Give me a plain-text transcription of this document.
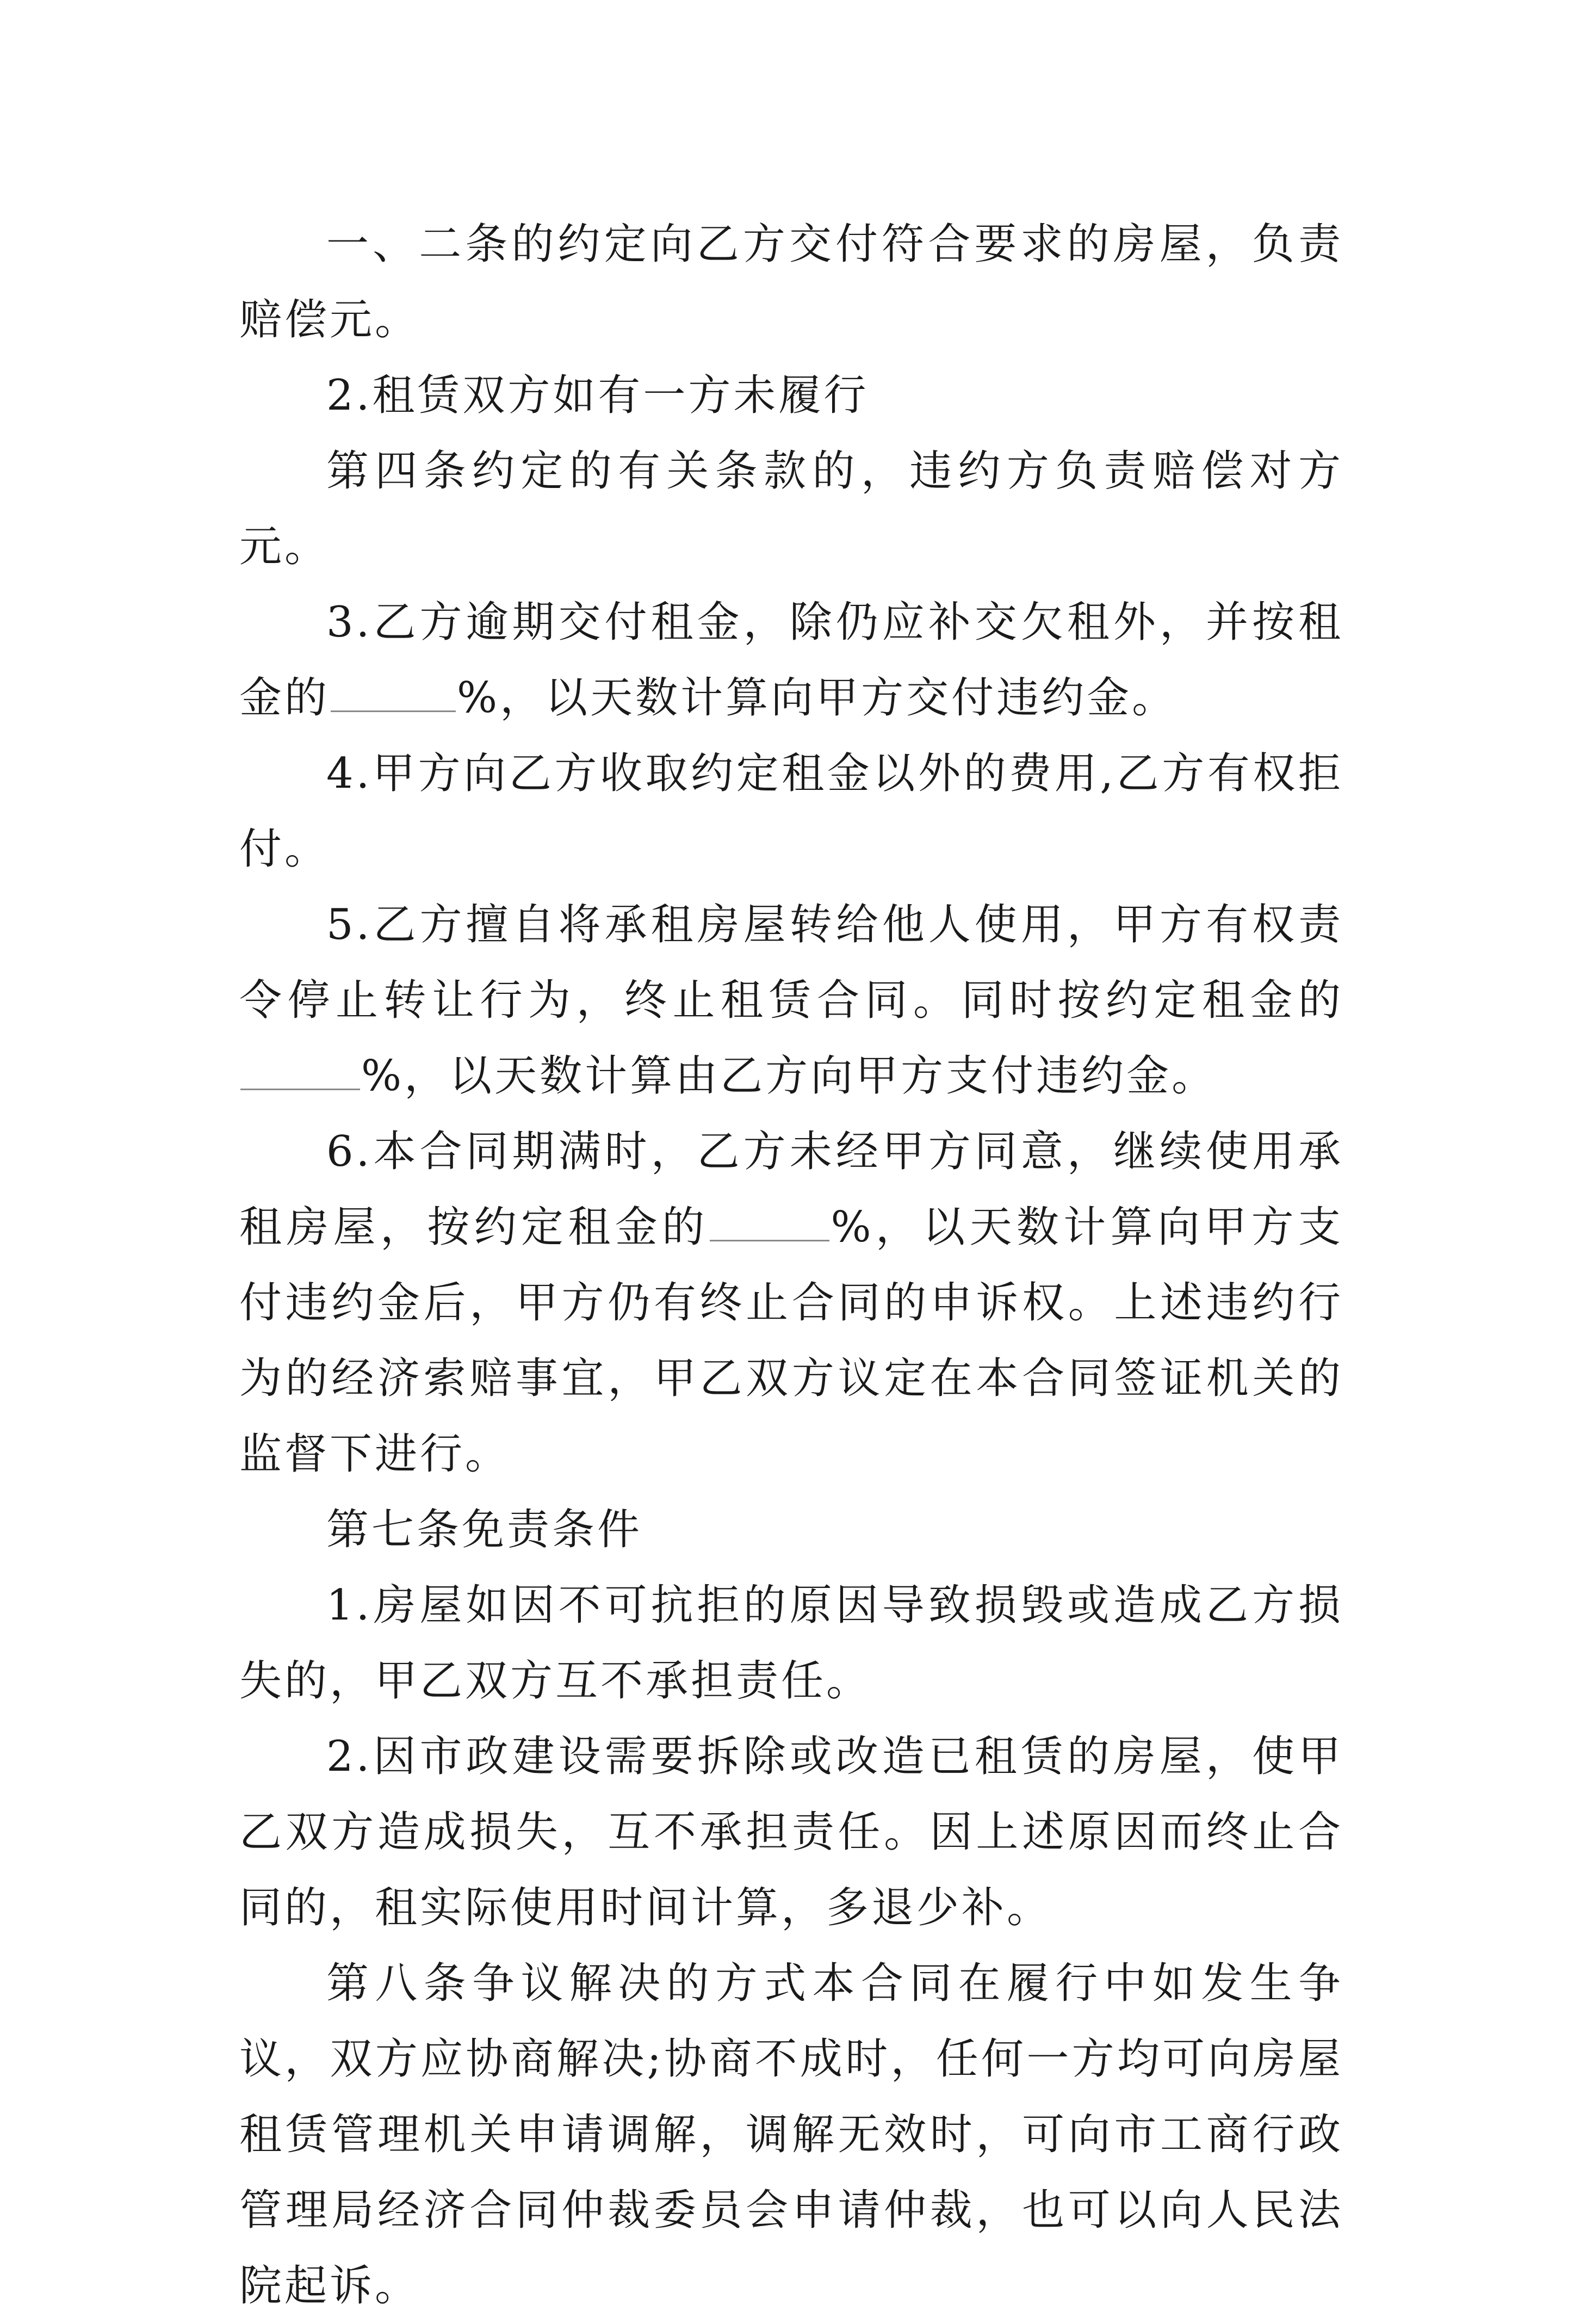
一、二条的约定向乙方交付符合要求的房屋，负责赔偿元。

2.租赁双方如有一方未履行

第四条约定的有关条款的，违约方负责赔偿对方元。

3.乙方逾期交付租金，除仍应补交欠租外，并按租金的	%，以天数计算向甲方交付违约金。

4.甲方向乙方收取约定租金以外的费用,乙方有权拒付。

5.乙方擅自将承租房屋转给他人使用，甲方有权责令停止转让行为，终止租赁合同。同时按约定租金的%，以天数计算由乙方向甲方支付违约金。

6.本合同期满时，乙方未经甲方同意，继续使用承租房屋，按约定租金的	%，以天数计算向甲方支付违约金后，甲方仍有终止合同的申诉权。上述违约行为的经济索赔事宜，甲乙双方议定在本合同签证机关的监督下进行。

第七条免责条件

1.房屋如因不可抗拒的原因导致损毁或造成乙方损失的，甲乙双方互不承担责任。

2.因市政建设需要拆除或改造已租赁的房屋，使甲乙双方造成损失，互不承担责任。因上述原因而终止合同的，租实际使用时间计算，多退少补。

第八条争议解决的方式本合同在履行中如发生争议，双方应协商解决;协商不成时，任何一方均可向房屋租赁管理机关申请调解，调解无效时，可向市工商行政管理局经济合同仲裁委员会申请仲裁，也可以向人民法院起诉。
